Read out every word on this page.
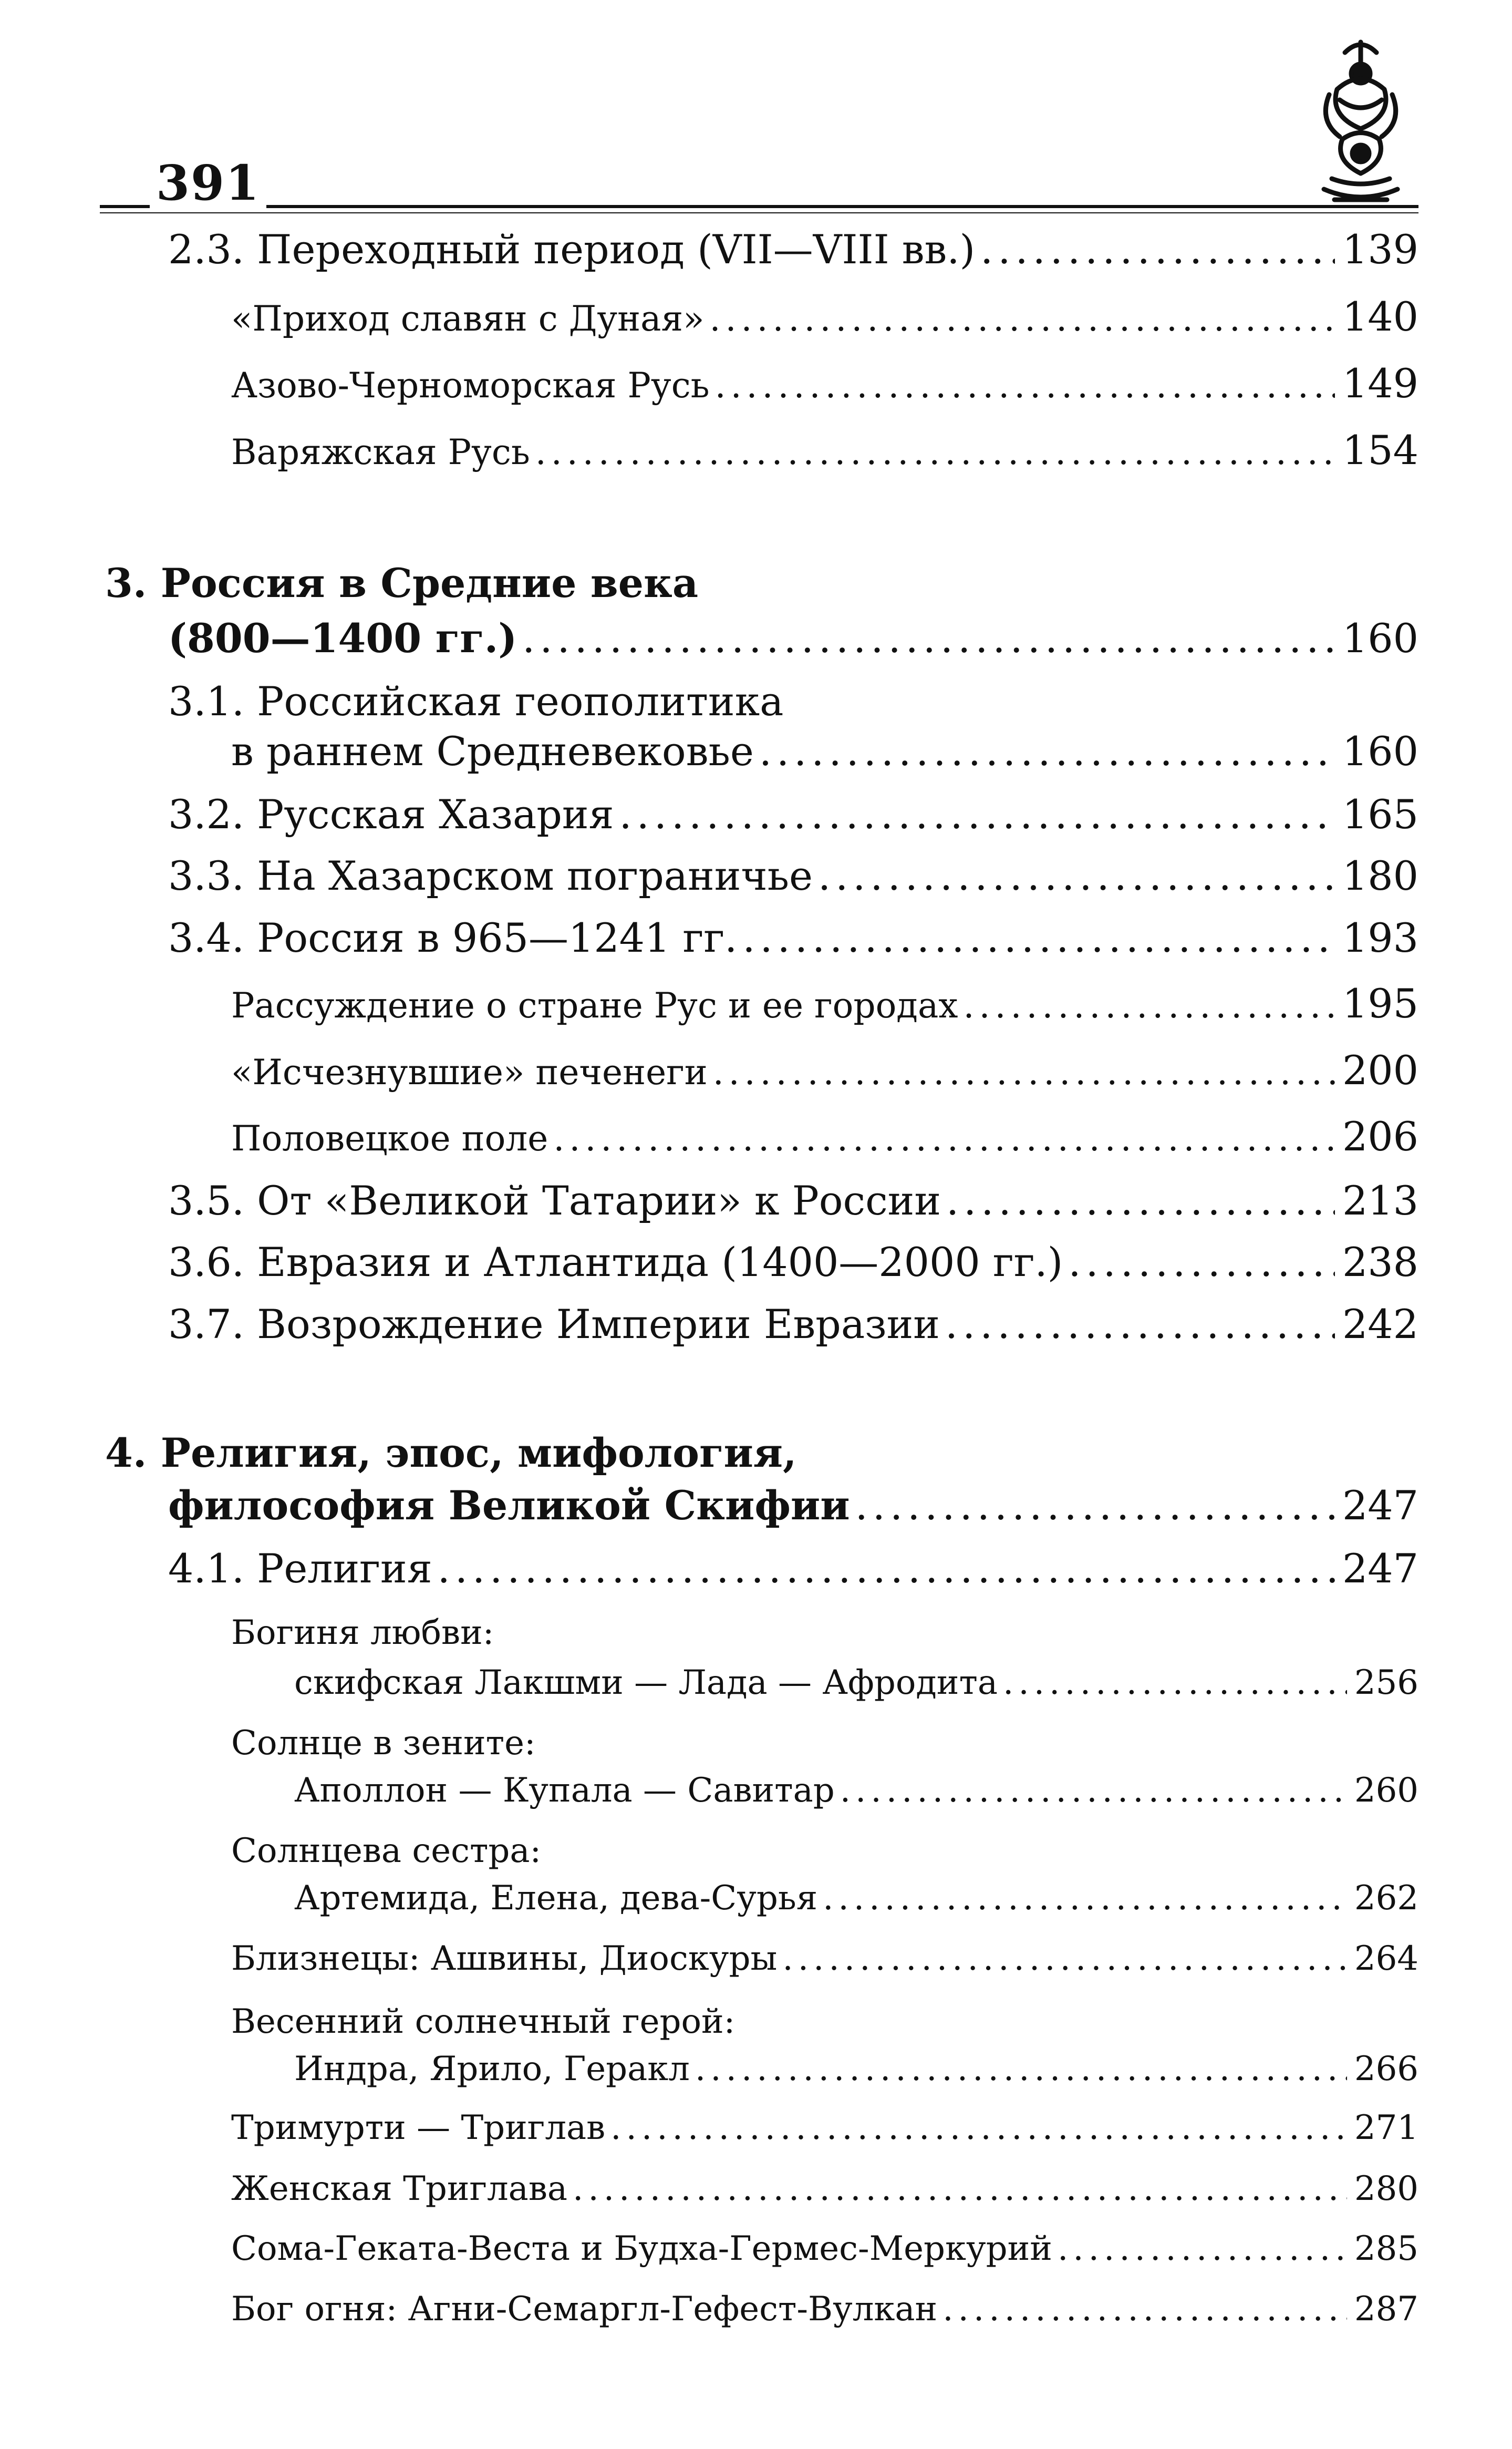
391
2.3. Переходный период (VII—VIII вв.) .....	139
«Приход славян с Дуная» .....	140
Азово-Черноморская Русь .....	149
Варяжская Русь .....	154
3. Россия в Средние века
(800—1400 гг.) .....	160
3.1. Российская геополитика
в раннем Средневековье .....	160
3.2. Русская Хазария .....	165
3.3. На Хазарском пограничье .....	180
3.4. Россия в 965—1241 гг. .....	193
Рассуждение о стране Рус и ее городах .....	195
«Исчезнувшие» печенеги .....	200
Половецкое поле .....	206
3.5. От «Великой Татарии» к России .....	213
3.6. Евразия и Атлантида (1400—2000 гг.) .....	238
3.7. Возрождение Империи Евразии .....	242
4. Религия, эпос, мифология,
философия Великой Скифии .....	247
4.1. Религия .....	247
Богиня любви:
скифская Лакшми — Лада — Афродита .....	256
Солнце в зените:
Аполлон — Купала — Савитар .....	260
Солнцева сестра:
Артемида, Елена, дева-Сурья .....	262
Близнецы: Ашвины, Диоскуры .....	264
Весенний солнечный герой:
Индра, Ярило, Геракл .....	266
Тримурти — Триглав .....	271
Женская Триглава .....	280
Сома-Геката-Веста и Будха-Гермес-Меркурий .....	285
Бог огня: Агни-Семаргл-Гефест-Вулкан .....	287
